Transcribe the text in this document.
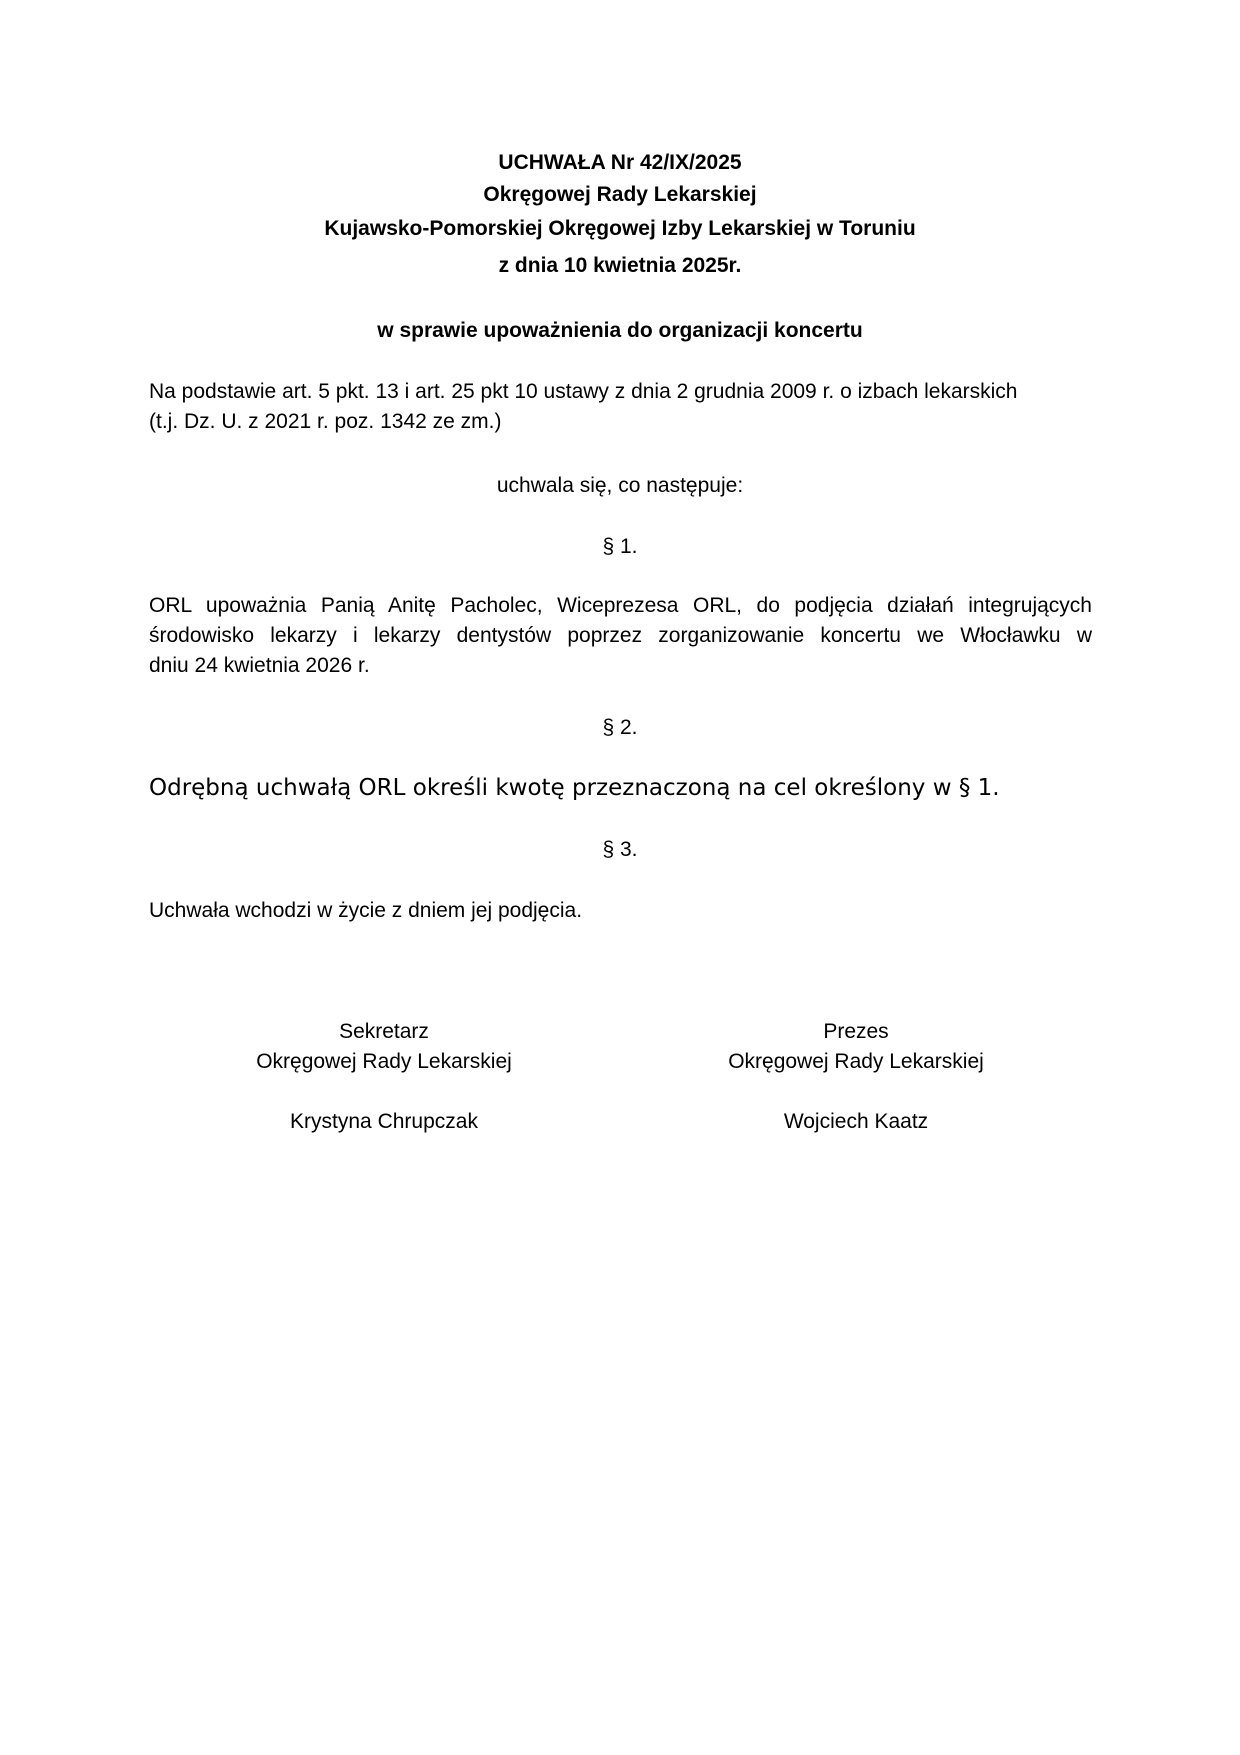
UCHWAŁA Nr 42/IX/2025
Okręgowej Rady Lekarskiej
Kujawsko-Pomorskiej Okręgowej Izby Lekarskiej w Toruniu
z dnia 10 kwietnia 2025r.
w sprawie upoważnienia do organizacji koncertu
Na podstawie art. 5 pkt. 13 i art. 25 pkt 10 ustawy z dnia 2 grudnia 2009 r. o izbach lekarskich
(t.j. Dz. U. z 2021 r. poz. 1342 ze zm.)
uchwala się, co następuje:
§ 1.
ORL upoważnia Panią Anitę Pacholec, Wiceprezesa ORL, do podjęcia działań integrujących
środowisko lekarzy i lekarzy dentystów poprzez zorganizowanie koncertu we Włocławku w
dniu 24 kwietnia 2026 r.
§ 2.
Odrębną uchwałą ORL określi kwotę przeznaczoną na cel określony w § 1.
§ 3.
Uchwała wchodzi w życie z dniem jej podjęcia.
Sekretarz
Okręgowej Rady Lekarskiej
Krystyna Chrupczak
Prezes
Okręgowej Rady Lekarskiej
Wojciech Kaatz
